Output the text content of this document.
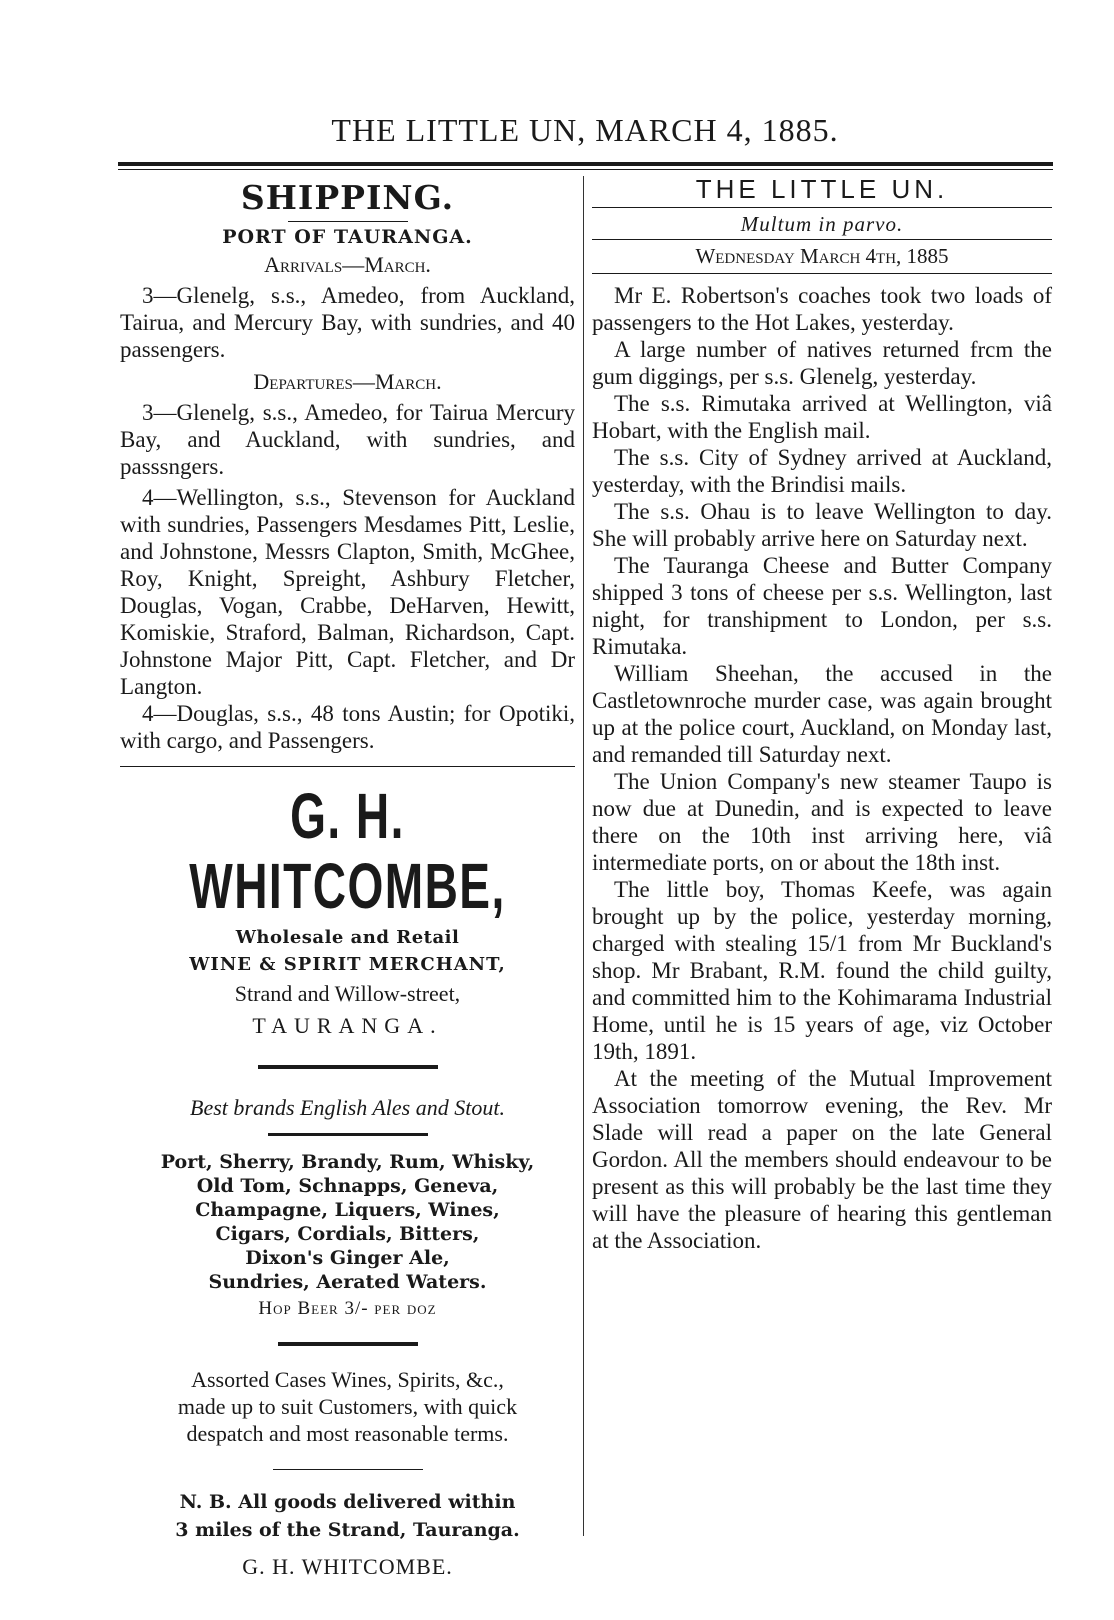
THE LITTLE UN, MARCH 4, 1885.
SHIPPING.
PORT OF TAURANGA.
Arrivals—March.

3—Glenelg, s.s., Amedeo, from Auckland, Tairua, and Mercury Bay, with sundries, and 40 passengers.

Departures—March.

3—Glenelg, s.s., Amedeo, for Tairua Mercury Bay, and Auckland, with sundries, and passsngers.

4—Wellington, s.s., Stevenson for Auckland with sundries, Passengers Mesdames Pitt, Leslie, and Johnstone, Messrs Clapton, Smith, McGhee, Roy, Knight, Spreight, Ashbury Fletcher, Douglas, Vogan, Crabbe, DeHarven, Hewitt, Komiskie, Straford, Balman, Richardson, Capt. Johnstone Major Pitt, Capt. Fletcher, and Dr Langton.

4—Douglas, s.s., 48 tons Austin; for Opotiki, with cargo, and Passengers.

G. H. WHITCOMBE,
Wholesale and Retail
WINE & SPIRIT MERCHANT,
Strand and Willow-street,
TAURANGA.
Best brands English Ales and Stout.
Port, Sherry, Brandy, Rum, Whisky,
Old Tom, Schnapps, Geneva,
Champagne, Liquers, Wines,
Cigars, Cordials, Bitters,
Dixon's Ginger Ale,
Sundries, Aerated Waters.
Hop Beer 3/- per doz
Assorted Cases Wines, Spirits, &c.,
made up to suit Customers, with quick
despatch and most reasonable terms.
N. B. All goods delivered within
3 miles of the Strand, Tauranga.
G. H. WHITCOMBE.
THE LITTLE UN.
Multum in parvo.
Wednesday March 4th, 1885

Mr E. Robertson's coaches took two loads of passengers to the Hot Lakes, yesterday.

A large number of natives returned frcm the gum diggings, per s.s. Glenelg, yesterday.

The s.s. Rimutaka arrived at Wellington, viâ Hobart, with the English mail.

The s.s. City of Sydney arrived at Auckland, yesterday, with the Brindisi mails.

The s.s. Ohau is to leave Wellington to day. She will probably arrive here on Saturday next.

The Tauranga Cheese and Butter Company shipped 3 tons of cheese per s.s. Wellington, last night, for transhipment to London, per s.s. Rimutaka.

William Sheehan, the accused in the Castletownroche murder case, was again brought up at the police court, Auckland, on Monday last, and remanded till Saturday next.

The Union Company's new steamer Taupo is now due at Dunedin, and is expected to leave there on the 10th inst arriving here, viâ intermediate ports, on or about the 18th inst.

The little boy, Thomas Keefe, was again brought up by the police, yesterday morning, charged with stealing 15/1 from Mr Buckland's shop. Mr Brabant, R.M. found the child guilty, and committed him to the Kohimarama Industrial Home, until he is 15 years of age, viz October 19th, 1891.

At the meeting of the Mutual Improvement Association tomorrow evening, the Rev. Mr Slade will read a paper on the late General Gordon. All the members should endeavour to be present as this will probably be the last time they will have the pleasure of hearing this gentleman at the Association.
